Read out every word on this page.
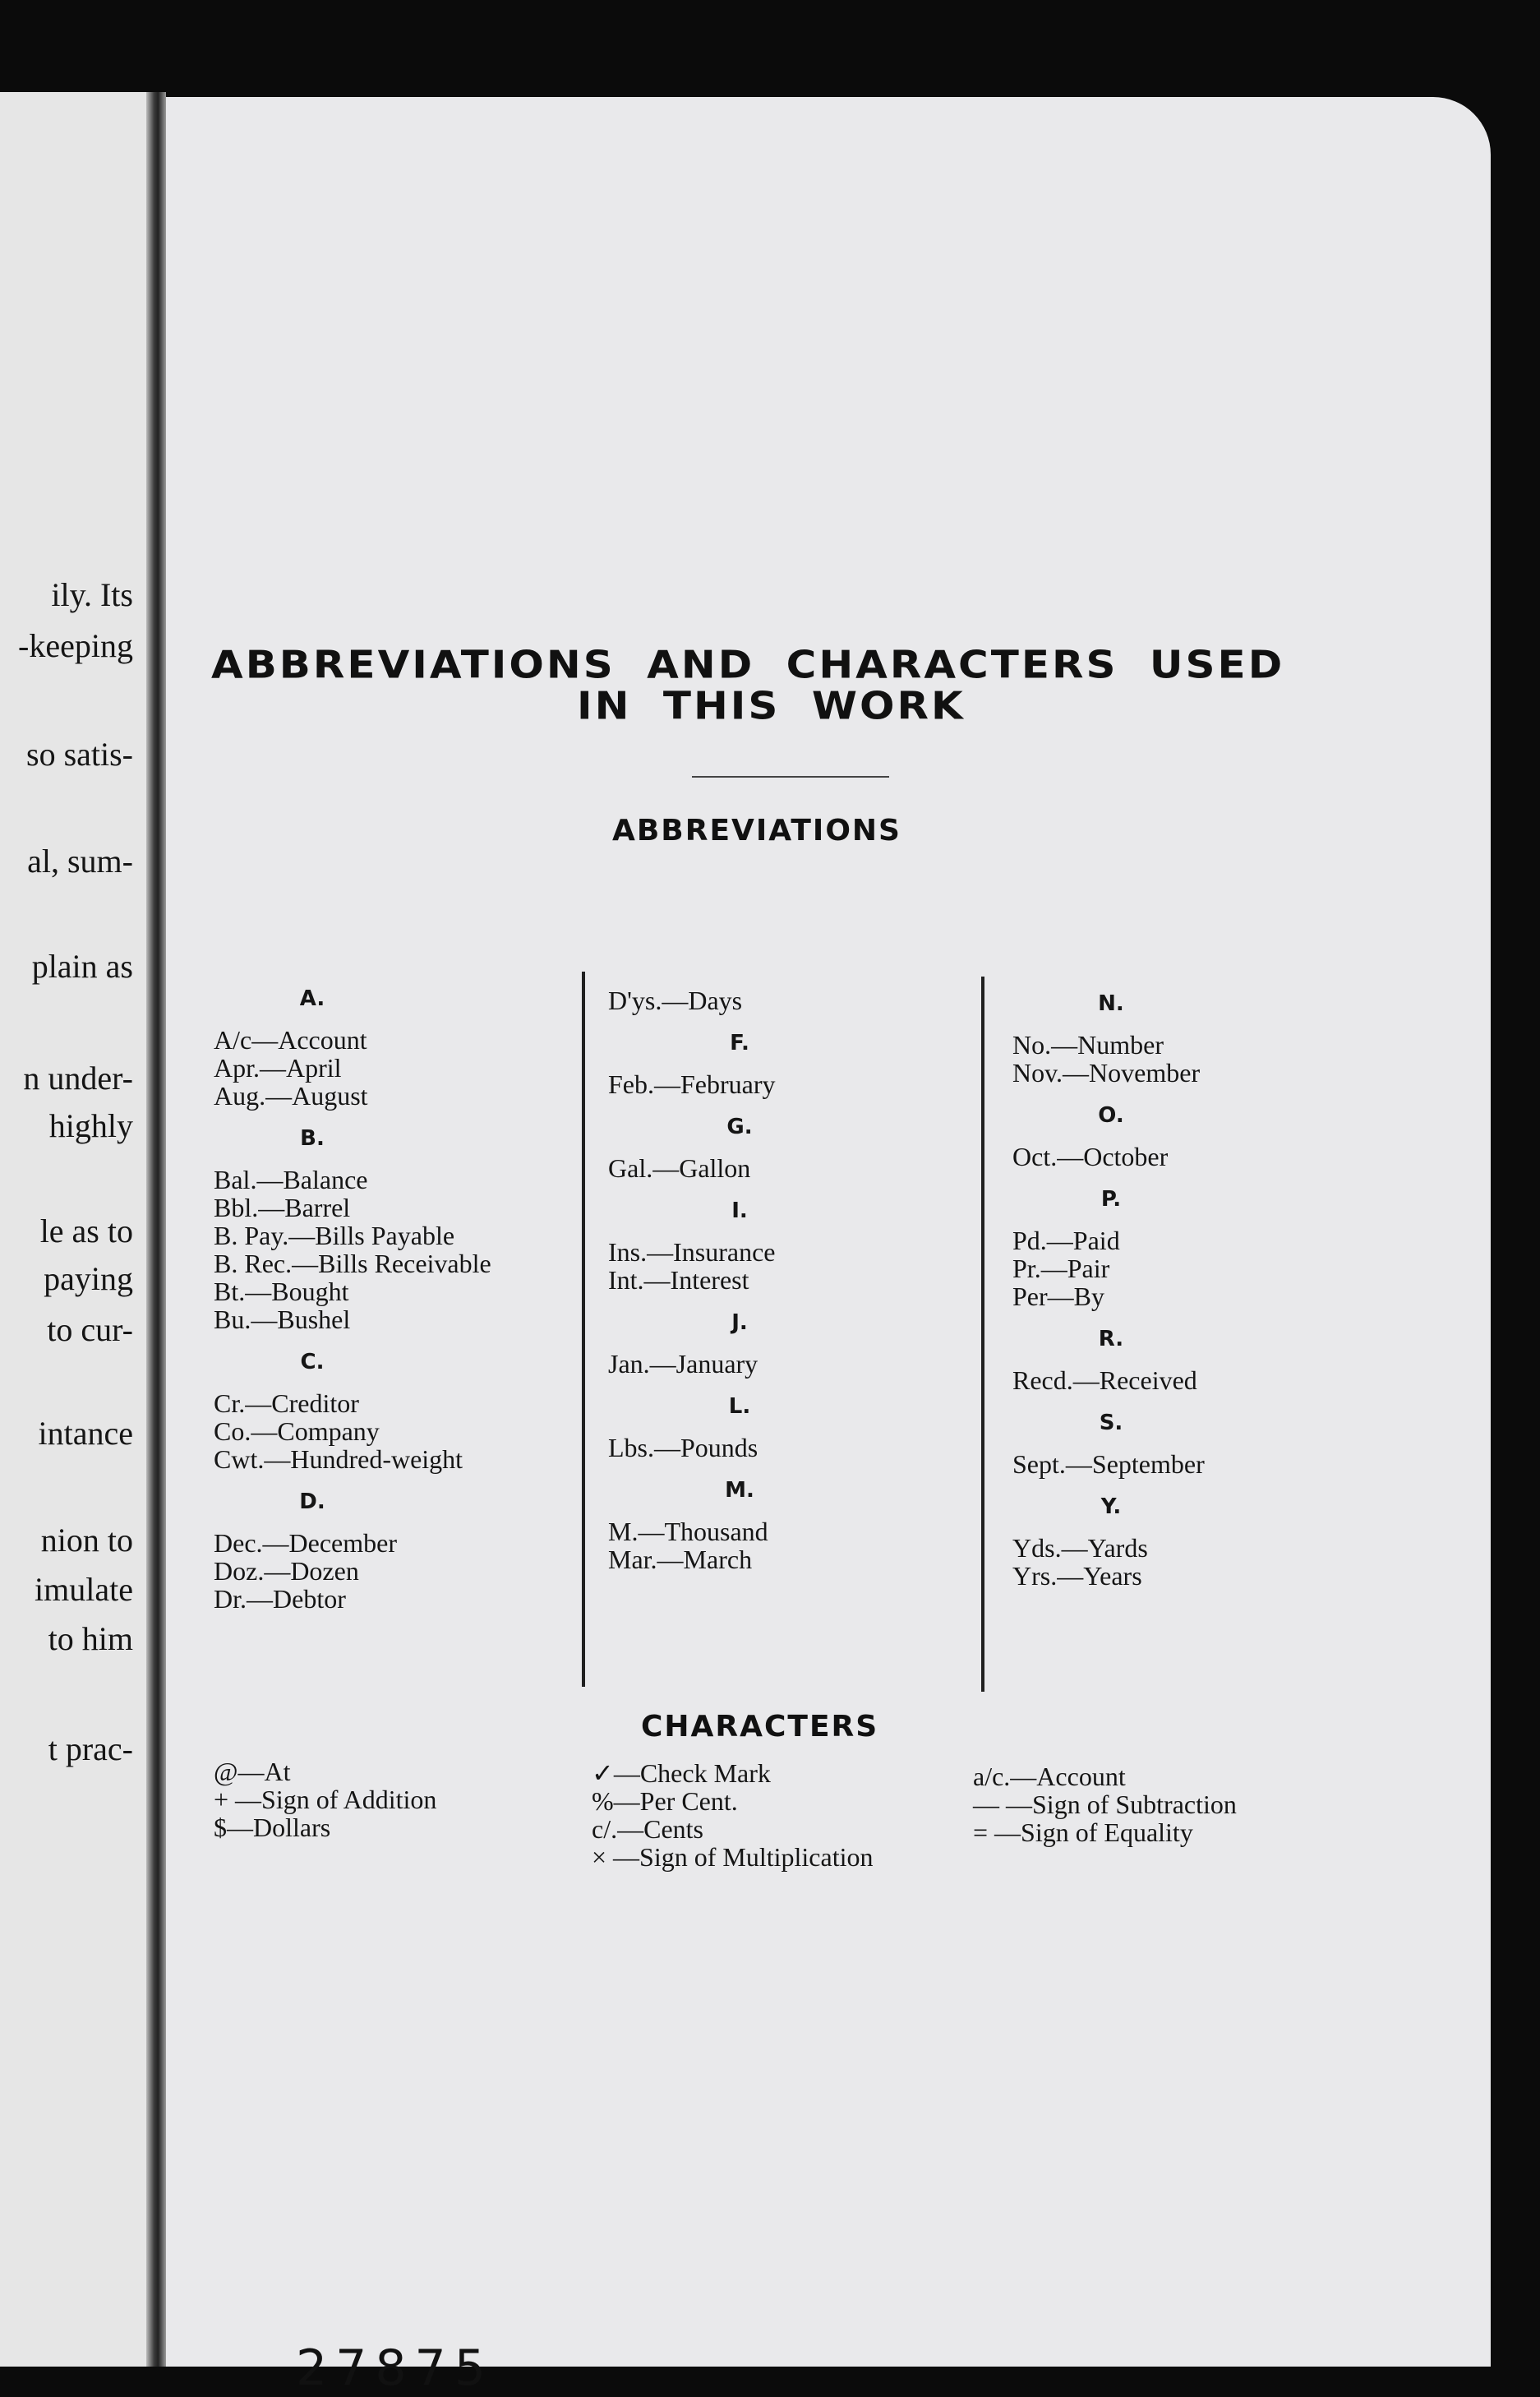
ily. Its
-keeping
so satis-
al, sum-
plain as
n under-
highly
le as to
paying
to cur-
intance
nion to
imulate
to him
t prac-
ABBREVIATIONS AND CHARACTERS USED
IN THIS WORK
ABBREVIATIONS
A.
A/c—Account
Apr.—April
Aug.—August
B.
Bal.—Balance
Bbl.—Barrel
B. Pay.—Bills Payable
B. Rec.—Bills Receivable
Bt.—Bought
Bu.—Bushel
C.
Cr.—Creditor
Co.—Company
Cwt.—Hundred-weight
D.
Dec.—December
Doz.—Dozen
Dr.—Debtor
D'ys.—Days
F.
Feb.—February
G.
Gal.—Gallon
I.
Ins.—Insurance
Int.—Interest
J.
Jan.—January
L.
Lbs.—Pounds
M.
M.—Thousand
Mar.—March
N.
No.—Number
Nov.—November
O.
Oct.—October
P.
Pd.—Paid
Pr.—Pair
Per—By
R.
Recd.—Received
S.
Sept.—September
Y.
Yds.—Yards
Yrs.—Years
CHARACTERS
@—At
+ —Sign of Addition
$—Dollars
✓—Check Mark
%—Per Cent.
c/.—Cents
× —Sign of Multiplication
a/c.—Account
— —Sign of Subtraction
= —Sign of Equality
27875
